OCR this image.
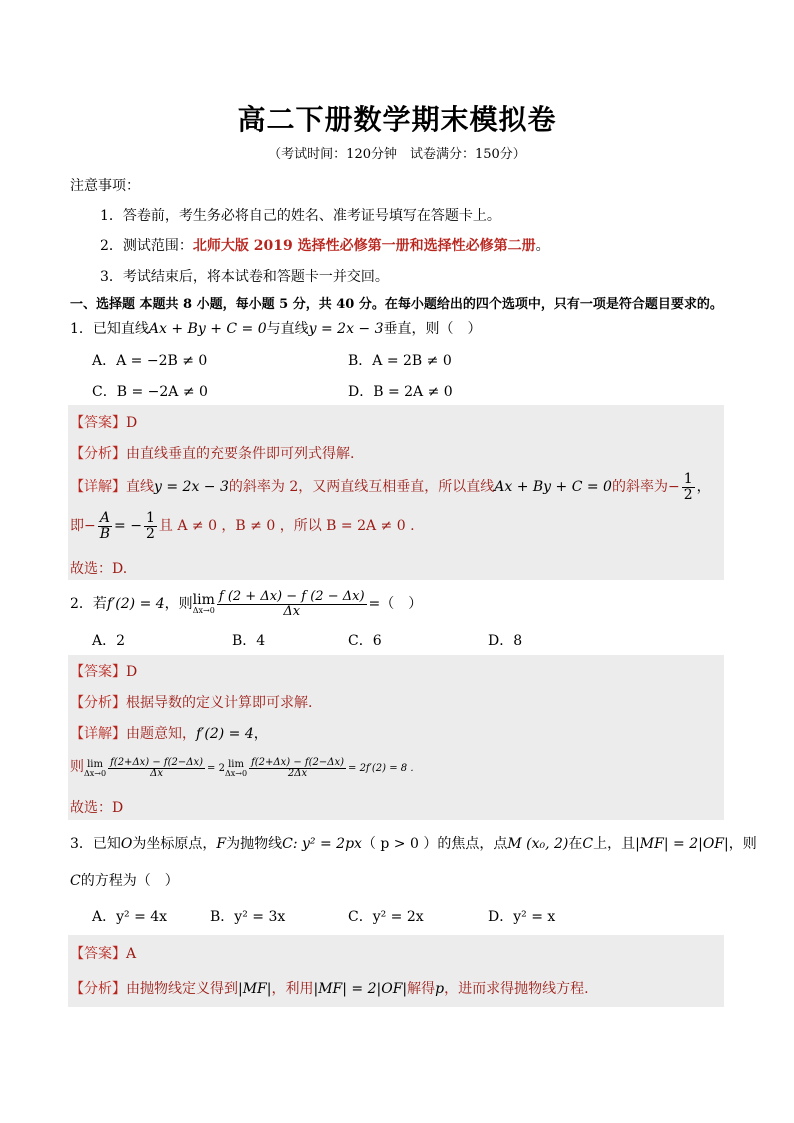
高二下册数学期末模拟卷
（考试时间：120分钟　试卷满分：150分）
注意事项：
1．答卷前，考生务必将自己的姓名、准考证号填写在答题卡上。
2．测试范围：北师大版 2019 选择性必修第一册和选择性必修第二册。
3．考试结束后，将本试卷和答题卡一并交回。
一、选择题 本题共 8 小题，每小题 5 分，共 40 分。在每小题给出的四个选项中，只有一项是符合题目要求的。
1．已知直线Ax + By + C = 0与直线y = 2x − 3垂直，则（　）
A．A = −2B ≠ 0	B．A = 2B ≠ 0
C．B = −2A ≠ 0	D．B = 2A ≠ 0
【答案】D
【分析】由直线垂直的充要条件即可列式得解.
【详解】直线y = 2x − 3的斜率为 2，又两直线互相垂直，所以直线Ax + By + C = 0的斜率为− $\frac{1}{2}$ ，
即− $\frac{A}{B}$ = − $\frac{1}{2}$ 且 A ≠ 0 ，B ≠ 0 ，所以 B = 2A ≠ 0 .
故选：D.
2．若f′(2) = 4，则lim
$\Delta x\to 0 \frac{f (2 + \Delta x) - f (2 - \Delta x)}{\Delta x}$ =（　）
A．2	B．4	C．6	D．8
【答案】D
【分析】根据导数的定义计算即可求解.
【详解】由题意知，f′(2) = 4，
则 lim
$\Delta x\to 0 \frac{f(2+\Delta x) - f(2-\Delta x)}{\Delta x} = 2$ lim
$\Delta x\to 0 \frac{f(2+\Delta x) - f(2-\Delta x)}{2\Delta x} = 2f'(2) = 8$ .
故选：D
3．已知O为坐标原点，F为抛物线C: y² = 2px（ p > 0 ）的焦点，点M (x₀, 2)在C上，且|MF| = 2|OF|，则
C的方程为（　）
A．y² = 4x	B．y² = 3x	C．y² = 2x	D．y² = x
【答案】A
【分析】由抛物线定义得到|MF|，利用|MF| = 2|OF|解得p，进而求得抛物线方程.
